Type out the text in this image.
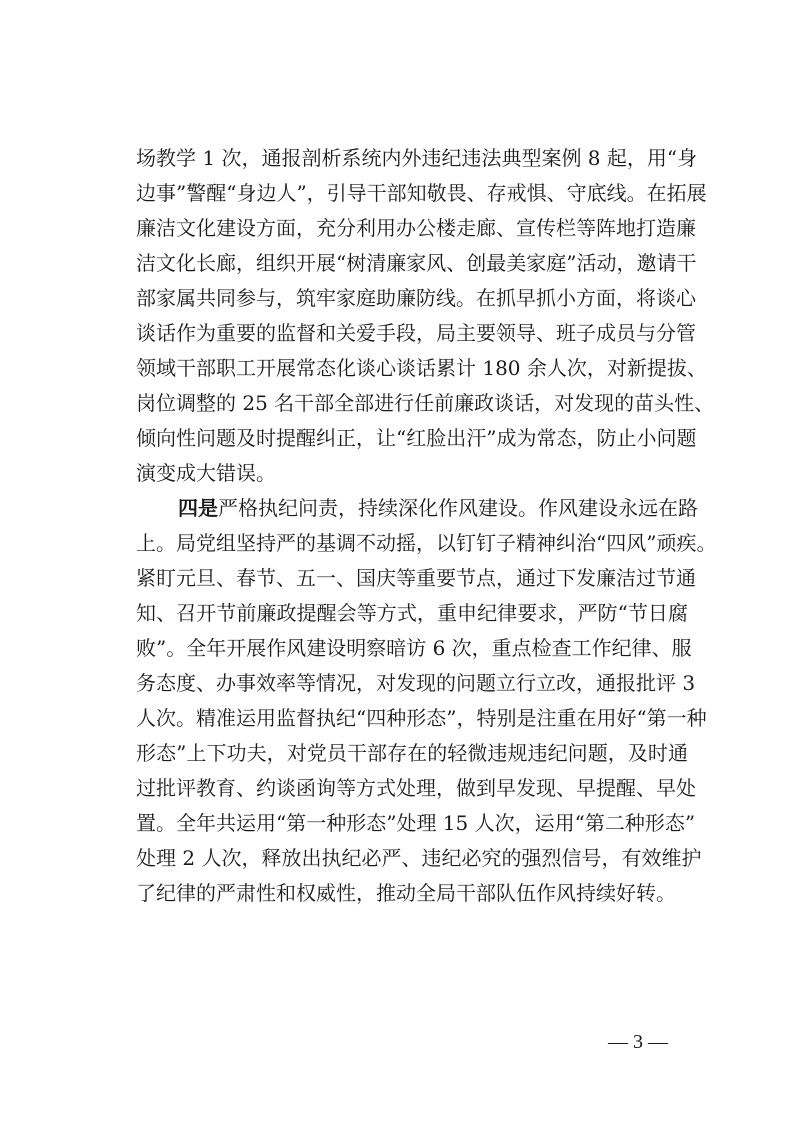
场教学 1 次，通报剖析系统内外违纪违法典型案例 8 起，用“身
边事”警醒“身边人”，引导干部知敬畏、存戒惧、守底线。在拓展
廉洁文化建设方面，充分利用办公楼走廊、宣传栏等阵地打造廉
洁文化长廊，组织开展“树清廉家风、创最美家庭”活动，邀请干
部家属共同参与，筑牢家庭助廉防线。在抓早抓小方面，将谈心
谈话作为重要的监督和关爱手段，局主要领导、班子成员与分管
领域干部职工开展常态化谈心谈话累计 180 余人次，对新提拔、
岗位调整的 25 名干部全部进行任前廉政谈话，对发现的苗头性、
倾向性问题及时提醒纠正，让“红脸出汗”成为常态，防止小问题
演变成大错误。
四是严格执纪问责，持续深化作风建设。作风建设永远在路
上。局党组坚持严的基调不动摇，以钉钉子精神纠治“四风”顽疾。
紧盯元旦、春节、五一、国庆等重要节点，通过下发廉洁过节通
知、召开节前廉政提醒会等方式，重申纪律要求，严防“节日腐
败”。全年开展作风建设明察暗访 6 次，重点检查工作纪律、服
务态度、办事效率等情况，对发现的问题立行立改，通报批评 3
人次。精准运用监督执纪“四种形态”，特别是注重在用好“第一种
形态”上下功夫，对党员干部存在的轻微违规违纪问题，及时通
过批评教育、约谈函询等方式处理，做到早发现、早提醒、早处
置。全年共运用“第一种形态”处理 15 人次，运用“第二种形态”
处理 2 人次，释放出执纪必严、违纪必究的强烈信号，有效维护
了纪律的严肃性和权威性，推动全局干部队伍作风持续好转。
— 3 —
